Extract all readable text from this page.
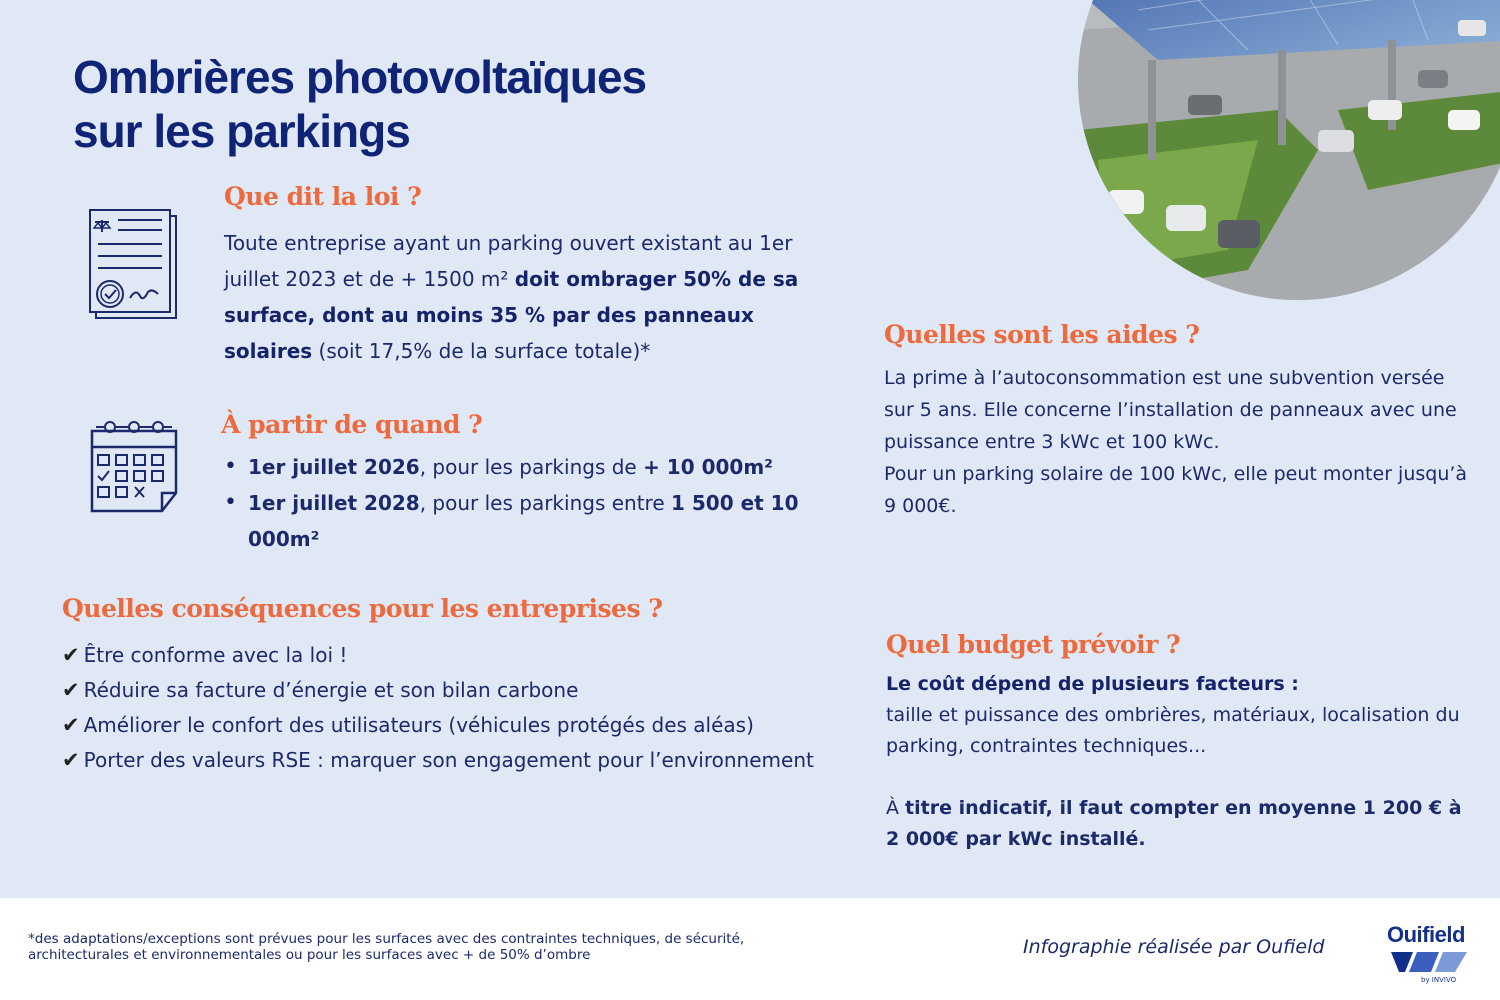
Ombrières photovoltaïques
sur les parkings
Que dit la loi ?
Toute entreprise ayant un parking ouvert existant au 1er juillet 2023 et de + 1500 m² doit ombrager 50% de sa surface, dont au moins 35 % par des panneaux solaires (soit 17,5% de la surface totale)*
À partir de quand ?
• 1er juillet 2026, pour les parkings de + 10 000m²
• 1er juillet 2028, pour les parkings entre 1 500 et 10 000m²
Quelles conséquences pour les entreprises ?
✔ Être conforme avec la loi !
✔ Réduire sa facture d’énergie et son bilan carbone
✔ Améliorer le confort des utilisateurs (véhicules protégés des aléas)
✔ Porter des valeurs RSE : marquer son engagement pour l’environnement
Quelles sont les aides ?
La prime à l’autoconsommation est une subvention versée sur 5 ans. Elle concerne l’installation de panneaux avec une puissance entre 3 kWc et 100 kWc.
Pour un parking solaire de 100 kWc, elle peut monter jusqu’à 9 000€.
Quel budget prévoir ?
Le coût dépend de plusieurs facteurs :
taille et puissance des ombrières, matériaux, localisation du parking, contraintes techniques...
À titre indicatif, il faut compter en moyenne 1 200 € à 2 000€ par kWc installé.
*des adaptations/exceptions sont prévues pour les surfaces avec des contraintes techniques, de sécurité, architecturales et environnementales ou pour les surfaces avec + de 50% d’ombre	Infographie réalisée par Oufield	Ouifield
by INVIVO
